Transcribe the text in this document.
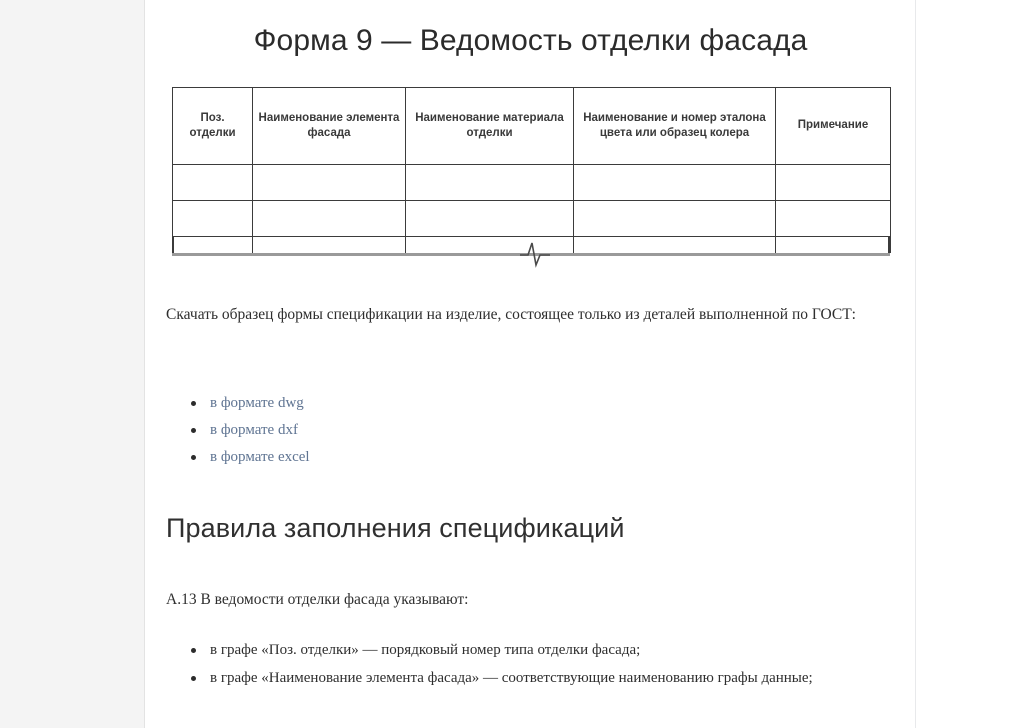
Форма 9 — Ведомость отделки фасада
Поз. отделки	Наименование элемента фасада	Наименование материала отделки	Наименование и номер эталона цвета или образец колера	Примечание

Скачать образец формы спецификации на изделие, состоящее только из деталей выполненной по ГОСТ:

в формате dwg
в формате dxf
в формате excel
Правила заполнения спецификаций

А.13 В ведомости отделки фасада указывают:

в графе «Поз. отделки» — порядковый номер типа отделки фасада;
в графе «Наименование элемента фасада» — соответствующие наименованию графы данные;
